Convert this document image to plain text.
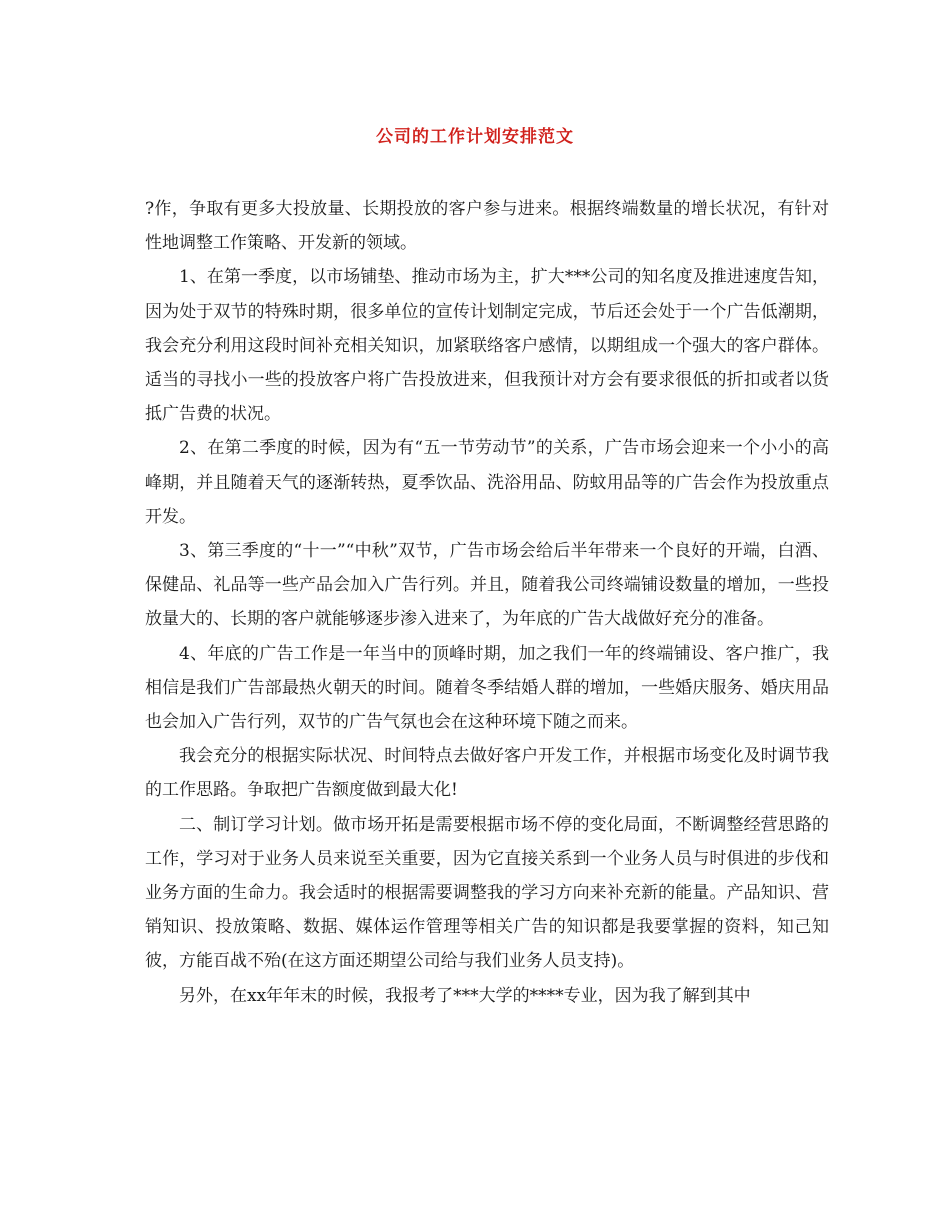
公司的工作计划安排范文

?作，争取有更多大投放量、长期投放的客户参与进来。根据终端数量的增长状况，有针对性地调整工作策略、开发新的领域。

1、在第一季度，以市场铺垫、推动市场为主，扩大***公司的知名度及推进速度告知，因为处于双节的特殊时期，很多单位的宣传计划制定完成，节后还会处于一个广告低潮期，我会充分利用这段时间补充相关知识，加紧联络客户感情，以期组成一个强大的客户群体。适当的寻找小一些的投放客户将广告投放进来，但我预计对方会有要求很低的折扣或者以货抵广告费的状况。

2、在第二季度的时候，因为有“五一节劳动节”的关系，广告市场会迎来一个小小的高峰期，并且随着天气的逐渐转热，夏季饮品、洗浴用品、防蚊用品等的广告会作为投放重点开发。

3、第三季度的“十一”“中秋”双节，广告市场会给后半年带来一个良好的开端，白酒、保健品、礼品等一些产品会加入广告行列。并且，随着我公司终端铺设数量的增加，一些投放量大的、长期的客户就能够逐步渗入进来了，为年底的广告大战做好充分的准备。

4、年底的广告工作是一年当中的顶峰时期，加之我们一年的终端铺设、客户推广，我相信是我们广告部最热火朝天的时间。随着冬季结婚人群的增加，一些婚庆服务、婚庆用品也会加入广告行列，双节的广告气氛也会在这种环境下随之而来。

我会充分的根据实际状况、时间特点去做好客户开发工作，并根据市场变化及时调节我的工作思路。争取把广告额度做到最大化!

二、制订学习计划。做市场开拓是需要根据市场不停的变化局面，不断调整经营思路的工作，学习对于业务人员来说至关重要，因为它直接关系到一个业务人员与时俱进的步伐和业务方面的生命力。我会适时的根据需要调整我的学习方向来补充新的能量。产品知识、营销知识、投放策略、数据、媒体运作管理等相关广告的知识都是我要掌握的资料，知己知彼，方能百战不殆(在这方面还期望公司给与我们业务人员支持)。

另外，在xx年年末的时候，我报考了***大学的****专业，因为我了解到其中
